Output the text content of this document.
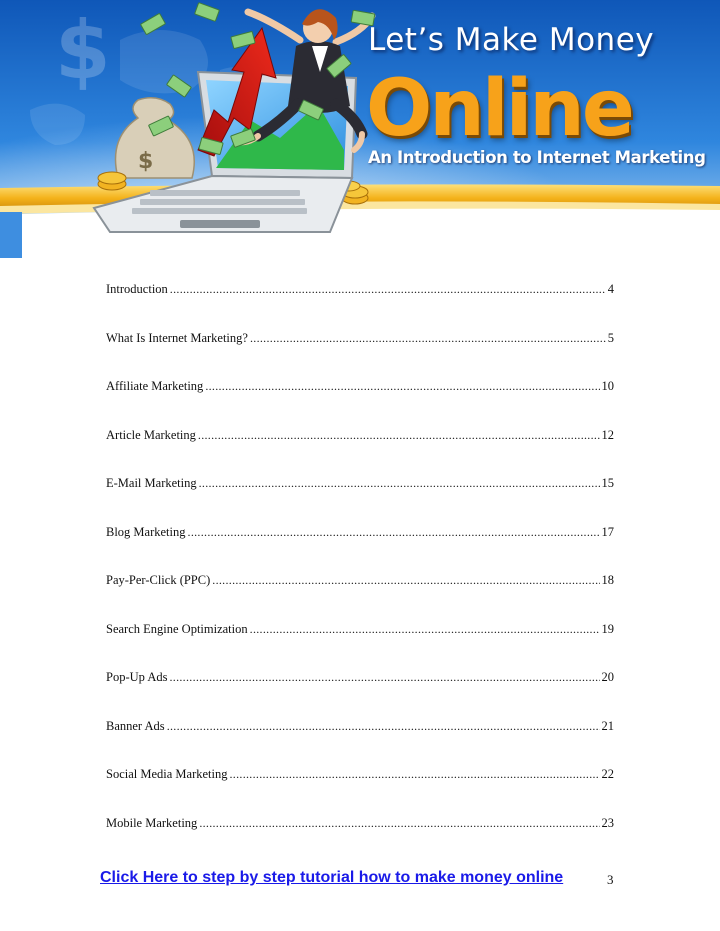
$
$
Let’s Make Money
Online
An Introduction to Internet Marketing
Introduction .....	4
What Is Internet Marketing? .....	5
Affiliate Marketing .....	10
Article Marketing .....	12
E-Mail Marketing .....	15
Blog Marketing .....	17
Pay-Per-Click (PPC) .....	18
Search Engine Optimization .....	19
Pop-Up Ads .....	20
Banner Ads .....	21
Social Media Marketing .....	22
Mobile Marketing .....	23
Click Here to step by step tutorial how to make money online	3
